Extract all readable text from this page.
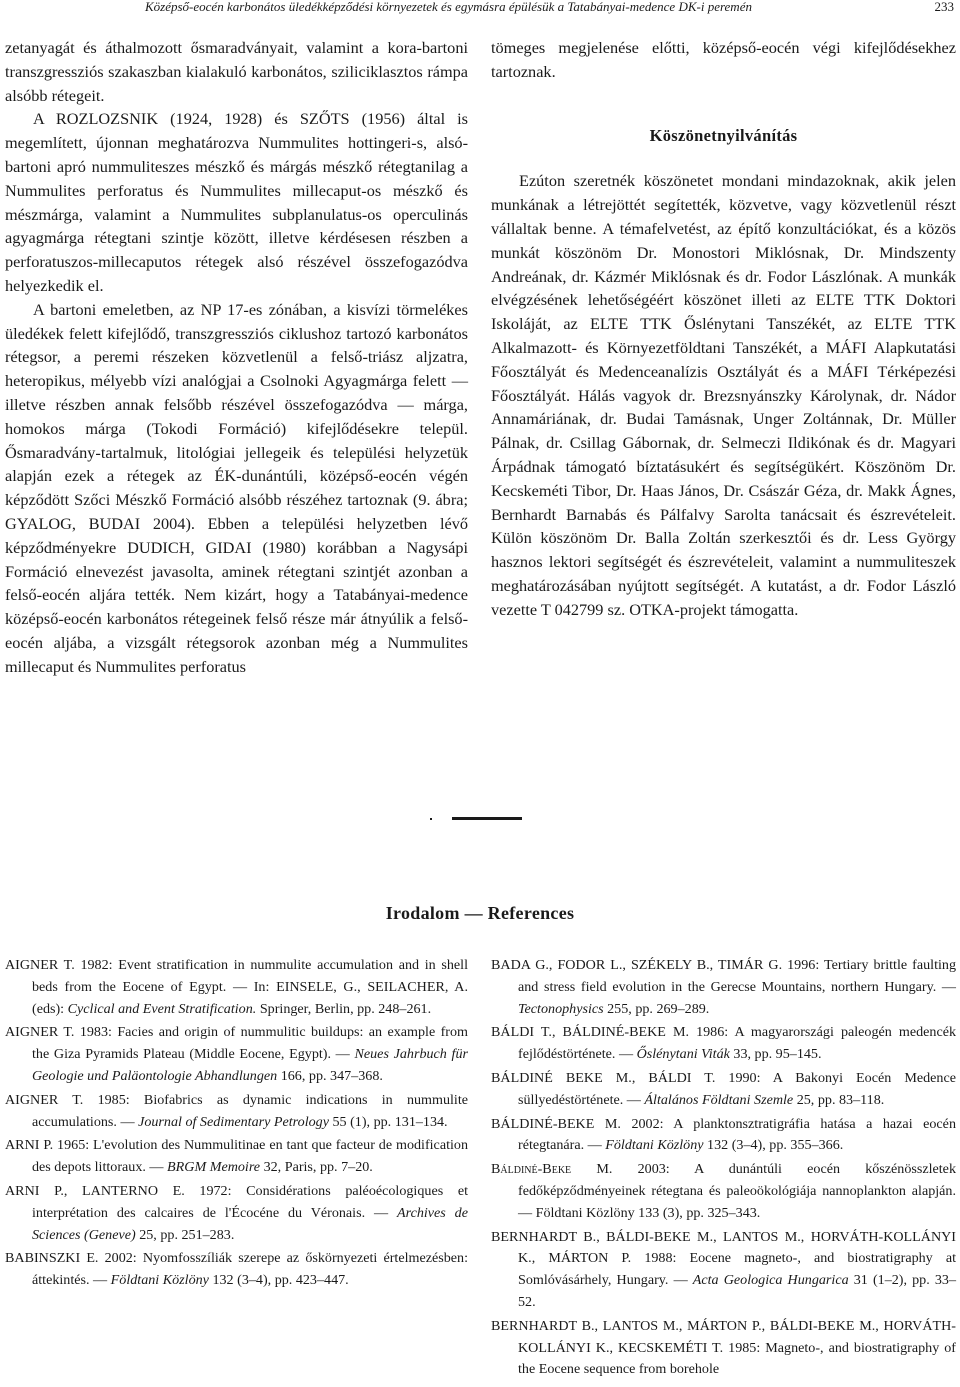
Középső-eocén karbonátos üledékképződési környezetek és egymásra épülésük a Tatabányai-medence DK-i peremén	233

zetanyagát és áthalmozott ősmaradványait, valamint a kora-bartoni transzgressziós szakaszban kialakuló karbonátos, sziliciklasztos rámpa alsóbb rétegeit.

A ROZLOZSNIK (1924, 1928) és SZŐTS (1956) által is megemlített, újonnan meghatározva Nummulites hottingeri-s, alsó-bartoni apró nummuliteszes mészkő és márgás mészkő rétegtanilag a Nummulites perforatus és Nummulites millecaput-os mészkő és mészmárga, valamint a Nummulites subplanulatus-os operculinás agyagmárga rétegtani szintje között, illetve kérdésesen részben a perforatuszos-millecaputos rétegek alsó részével összefogazódva helyezkedik el.

A bartoni emeletben, az NP 17-es zónában, a kisvízi törmelékes üledékek felett kifejlődő, transzgressziós ciklushoz tartozó karbonátos rétegsor, a peremi részeken közvetlenül a felső-triász aljzatra, heteropikus, mélyebb vízi analógjai a Csolnoki Agyagmárga felett — illetve részben annak felsőbb részével összefogazódva — márga, homokos márga (Tokodi Formáció) kifejlődésekre települ. Ősmaradvány-tartalmuk, litológiai jellegeik és települési helyzetük alapján ezek a rétegek az ÉK-dunántúli, középső-eocén végén képződött Szőci Mészkő Formáció alsóbb részéhez tartoznak (9. ábra; GYALOG, BUDAI 2004). Ebben a települési helyzetben lévő képződményekre DUDICH, GIDAI (1980) korábban a Nagysápi Formáció elnevezést javasolta, aminek rétegtani szintjét azonban a felső-eocén aljára tették. Nem kizárt, hogy a Tatabányai-medence középső-eocén karbonátos rétegeinek felső része már átnyúlik a felső-eocén aljába, a vizsgált rétegsorok azonban még a Nummulites millecaput és Nummulites perforatus

tömeges megjelenése előtti, középső-eocén végi kifejlődésekhez tartoznak.

Köszönetnyilvánítás

Ezúton szeretnék köszönetet mondani mindazoknak, akik jelen munkának a létrejöttét segítették, közvetve, vagy közvetlenül részt vállaltak benne. A témafelvetést, az építő konzultációkat, és a közös munkát köszönöm Dr. Monostori Miklósnak, Dr. Mindszenty Andreának, dr. Kázmér Miklósnak és dr. Fodor Lászlónak. A munkák elvégzésének lehetőségéért köszönet illeti az ELTE TTK Doktori Iskoláját, az ELTE TTK Őslénytani Tanszékét, az ELTE TTK Alkalmazott- és Környezetföldtani Tanszékét, a MÁFI Alapkutatási Főosztályát és Medenceanalízis Osztályát és a MÁFI Térképezési Főosztályát. Hálás vagyok dr. Brezsnyánszky Károlynak, dr. Nádor Annamáriának, dr. Budai Tamásnak, Unger Zoltánnak, Dr. Müller Pálnak, dr. Csillag Gábornak, dr. Selmeczi Ildikónak és dr. Magyari Árpádnak támogató bíztatásukért és segítségükért. Köszönöm Dr. Kecskeméti Tibor, Dr. Haas János, Dr. Császár Géza, dr. Makk Ágnes, Bernhardt Barnabás és Pálfalvy Sarolta tanácsait és észrevételeit. Külön köszönöm Dr. Balla Zoltán szerkesztői és dr. Less György hasznos lektori segítségét és észrevételeit, valamint a nummuliteszek meghatározásában nyújtott segítségét. A kutatást, a dr. Fodor László vezette T 042799 sz. OTKA-projekt támogatta.

Irodalom — References

AIGNER T. 1982: Event stratification in nummulite accumulation and in shell beds from the Eocene of Egypt. — In: EINSELE, G., SEILACHER, A. (eds): Cyclical and Event Stratification. Springer, Berlin, pp. 248–261.

AIGNER T. 1983: Facies and origin of nummulitic buildups: an example from the Giza Pyramids Plateau (Middle Eocene, Egypt). — Neues Jahrbuch für Geologie und Paläontologie Abhandlungen 166, pp. 347–368.

AIGNER T. 1985: Biofabrics as dynamic indications in nummulite accumulations. — Journal of Sedimentary Petrology 55 (1), pp. 131–134.

ARNI P. 1965: L'evolution des Nummulitinae en tant que facteur de modification des depots littoraux. — BRGM Memoire 32, Paris, pp. 7–20.

ARNI P., LANTERNO E. 1972: Considérations paléoécologiques et interprétation des calcaires de l'Écocéne du Véronais. — Archives de Sciences (Geneve) 25, pp. 251–283.

BABINSZKI E. 2002: Nyomfosszíliák szerepe az őskörnyezeti értelmezésben: áttekintés. — Földtani Közlöny 132 (3–4), pp. 423–447.

BADA G., FODOR L., SZÉKELY B., TIMÁR G. 1996: Tertiary brittle faulting and stress field evolution in the Gerecse Mountains, northern Hungary. — Tectonophysics 255, pp. 269–289.

BÁLDI T., BÁLDINÉ-BEKE M. 1986: A magyarországi paleogén medencék fejlődéstörténete. — Őslénytani Viták 33, pp. 95–145.

BÁLDINÉ BEKE M., BÁLDI T. 1990: A Bakonyi Eocén Medence süllyedéstörténete. — Általános Földtani Szemle 25, pp. 83–118.

BÁLDINÉ-BEKE M. 2002: A planktonsztratigráfia hatása a hazai eocén rétegtanára. — Földtani Közlöny 132 (3–4), pp. 355–366.

Báldiné-Beke M. 2003: A dunántúli eocén kőszénösszletek fedőképződményeinek rétegtana és paleoökológiája nannoplankton alapján. — Földtani Közlöny 133 (3), pp. 325–343.

BERNHARDT B., BÁLDI-BEKE M., LANTOS M., HORVÁTH-KOLLÁNYI K., MÁRTON P. 1988: Eocene magneto-, and biostratigraphy at Somlóvásárhely, Hungary. — Acta Geologica Hungarica 31 (1–2), pp. 33–52.

BERNHARDT B., LANTOS M., MÁRTON P., BÁLDI-BEKE M., HORVÁTH-KOLLÁNYI K., KECSKEMÉTI T. 1985: Magneto-, and biostratigraphy of the Eocene sequence from borehole
